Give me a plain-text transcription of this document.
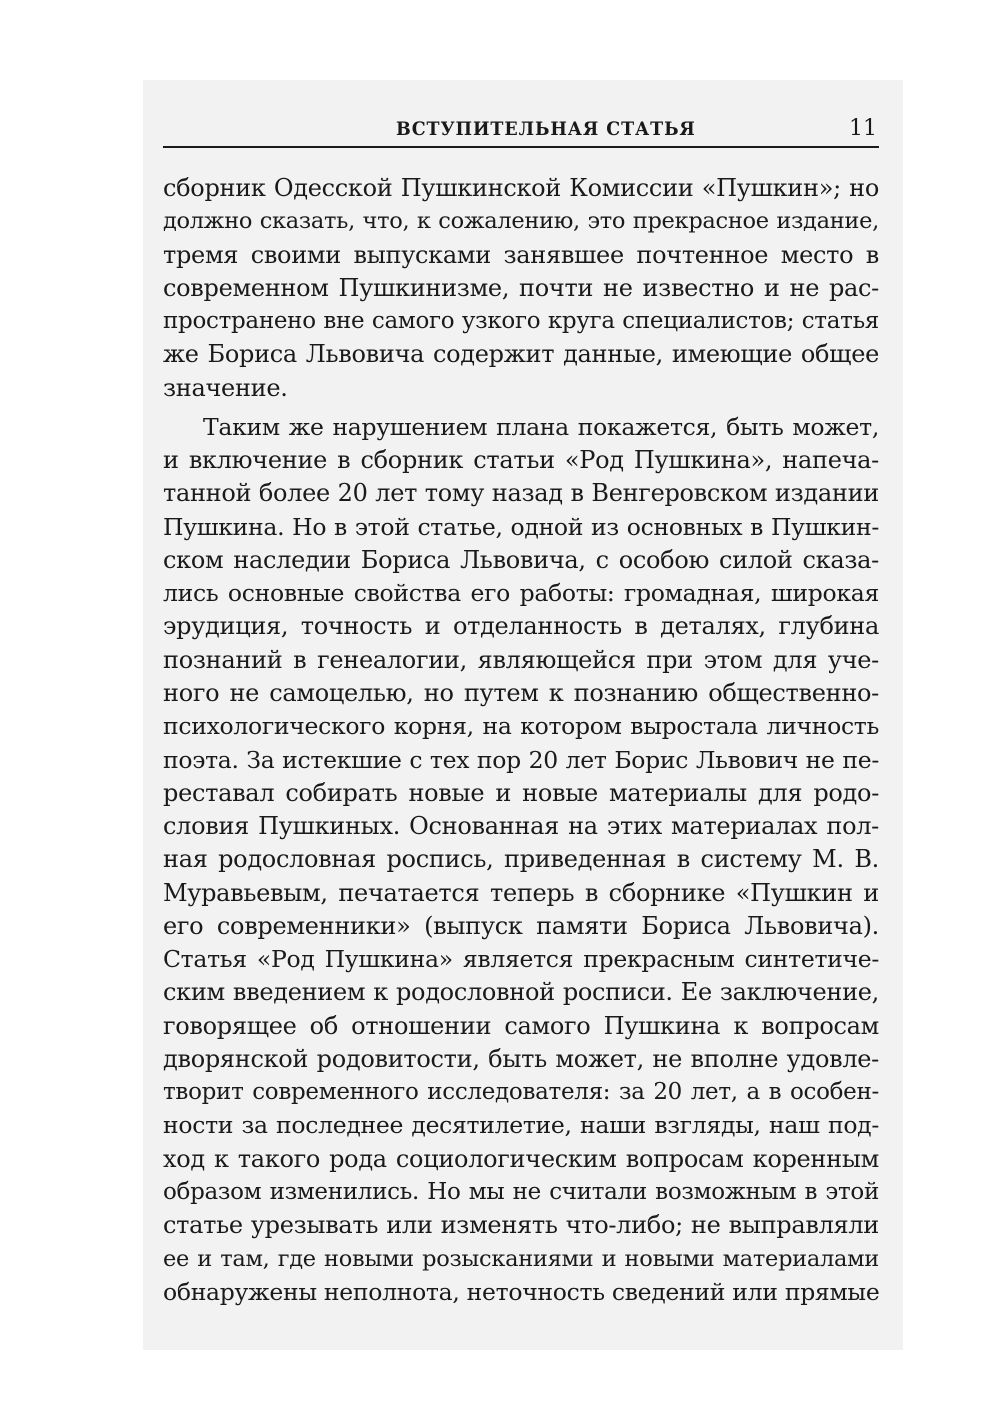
ВСТУПИТЕЛЬНАЯ СТАТЬЯ	11
сборник Одесской Пушкинской Комиссии «Пушкин»; но
должно сказать, что, к сожалению, это прекрасное издание,
тремя своими выпусками занявшее почтенное место в
современном Пушкинизме, почти не известно и не рас-
пространено вне самого узкого круга специалистов; статья
же Бориса Львовича содержит данные, имеющие общее
значение.
Таким же нарушением плана покажется, быть может,
и включение в сборник статьи «Род Пушкина», напеча-
танной более 20 лет тому назад в Венгеровском издании
Пушкина. Но в этой статье, одной из основных в Пушкин-
ском наследии Бориса Львовича, с особою силой сказа-
лись основные свойства его работы: громадная, широкая
эрудиция, точность и отделанность в деталях, глубина
познаний в генеалогии, являющейся при этом для уче-
ного не самоцелью, но путем к познанию общественно-
психологического корня, на котором выростала личность
поэта. За истекшие с тех пор 20 лет Борис Львович не пе-
реставал собирать новые и новые материалы для родо-
словия Пушкиных. Основанная на этих материалах пол-
ная родословная роспись, приведенная в систему М. В.
Муравьевым, печатается теперь в сборнике «Пушкин и
его современники» (выпуск памяти Бориса Львовича).
Статья «Род Пушкина» является прекрасным синтетиче-
ским введением к родословной росписи. Ее заключение,
говорящее об отношении самого Пушкина к вопросам
дворянской родовитости, быть может, не вполне удовле-
творит современного исследователя: за 20 лет, а в особен-
ности за последнее десятилетие, наши взгляды, наш под-
ход к такого рода социологическим вопросам коренным
образом изменились. Но мы не считали возможным в этой
статье урезывать или изменять что-либо; не выправляли
ее и там, где новыми розысканиями и новыми материалами
обнаружены неполнота, неточность сведений или прямые
